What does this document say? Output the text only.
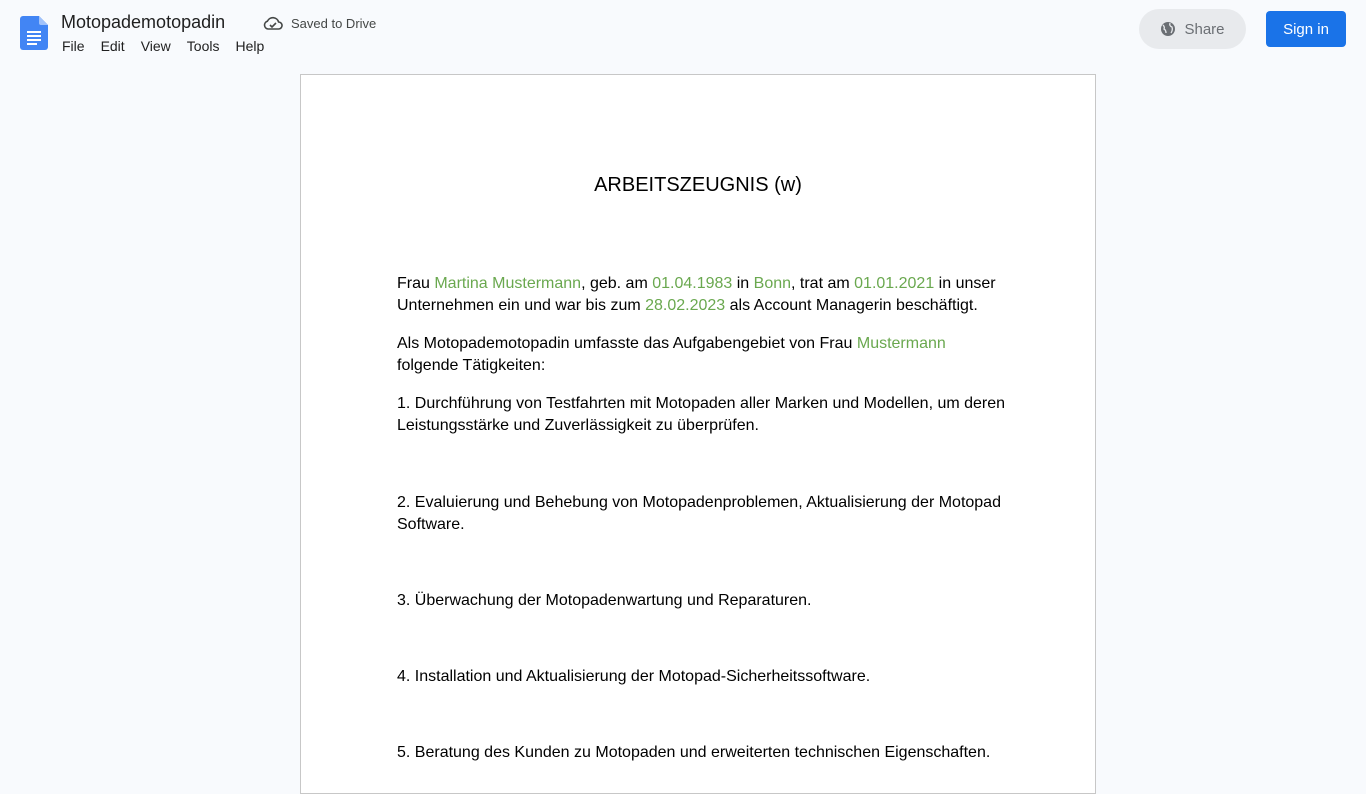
Motopademotopadin	Saved to Drive
File	Edit	View	Tools	Help
Share	Sign in
ARBEITSZEUGNIS (w)

Frau Martina Mustermann, geb. am 01.04.1983 in Bonn, trat am 01.01.2021 in unser Unternehmen ein und war bis zum 28.02.2023 als Account Managerin beschäftigt.

Als Motopademotopadin umfasste das Aufgabengebiet von Frau Mustermann folgende Tätigkeiten:

1. Durchführung von Testfahrten mit Motopaden aller Marken und Modellen, um deren Leistungsstärke und Zuverlässigkeit zu überprüfen.

2. Evaluierung und Behebung von Motopadenproblemen, Aktualisierung der Motopad Software.

3. Überwachung der Motopadenwartung und Reparaturen.

4. Installation und Aktualisierung der Motopad-Sicherheitssoftware.

5. Beratung des Kunden zu Motopaden und erweiterten technischen Eigenschaften.
